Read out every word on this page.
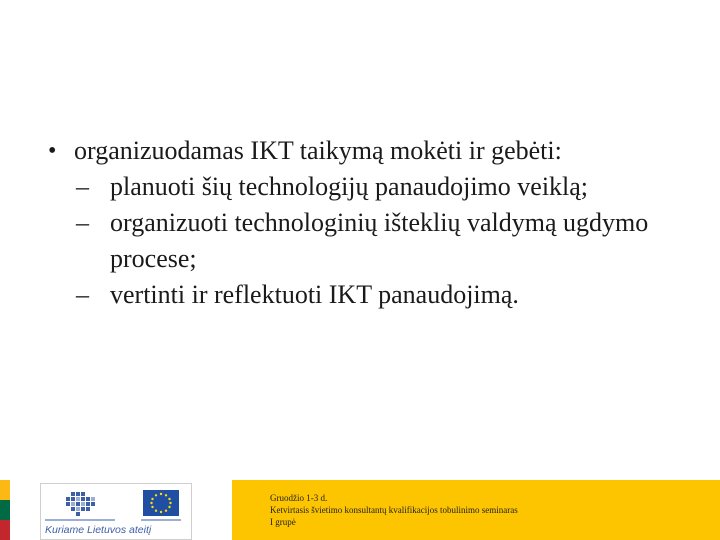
• organizuodamas IKT taikymą mokėti ir gebėti:
– planuoti šių technologijų panaudojimo veiklą;
– organizuoti technologinių išteklių valdymą ugdymo procese;
– vertinti ir reflektuoti IKT panaudojimą.
Kuriame Lietuvos ateitį
Gruodžio 1-3 d.
Ketvirtasis švietimo konsultantų kvalifikacijos tobulinimo seminaras
I grupė
